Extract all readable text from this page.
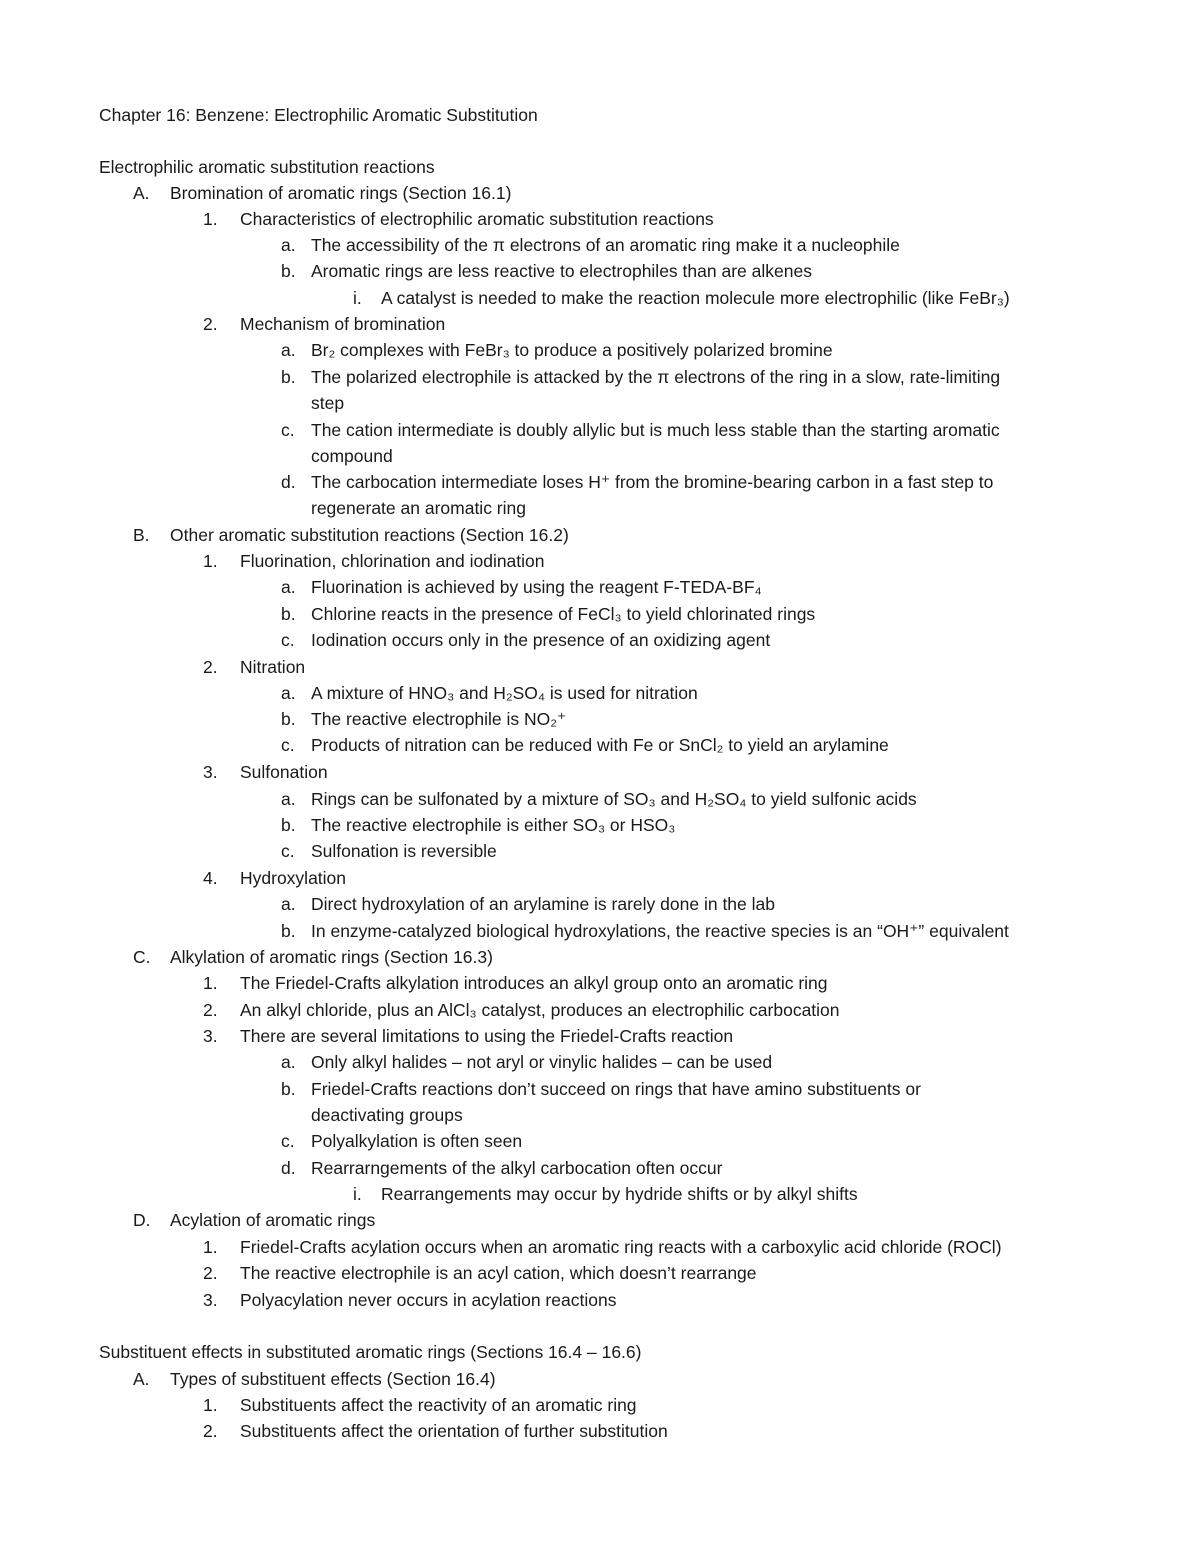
Chapter 16: Benzene: Electrophilic Aromatic Substitution
Electrophilic aromatic substitution reactions
A. Bromination of aromatic rings (Section 16.1)
1. Characteristics of electrophilic aromatic substitution reactions
a. The accessibility of the π electrons of an aromatic ring make it a nucleophile
b. Aromatic rings are less reactive to electrophiles than are alkenes
i. A catalyst is needed to make the reaction molecule more electrophilic (like FeBr₃)
2. Mechanism of bromination
a. Br₂ complexes with FeBr₃ to produce a positively polarized bromine
b. The polarized electrophile is attacked by the π electrons of the ring in a slow, rate-limiting
step
c. The cation intermediate is doubly allylic but is much less stable than the starting aromatic
compound
d. The carbocation intermediate loses H⁺ from the bromine-bearing carbon in a fast step to
regenerate an aromatic ring
B. Other aromatic substitution reactions (Section 16.2)
1. Fluorination, chlorination and iodination
a. Fluorination is achieved by using the reagent F-TEDA-BF₄
b. Chlorine reacts in the presence of FeCl₃ to yield chlorinated rings
c. Iodination occurs only in the presence of an oxidizing agent
2. Nitration
a. A mixture of HNO₃ and H₂SO₄ is used for nitration
b. The reactive electrophile is NO₂⁺
c. Products of nitration can be reduced with Fe or SnCl₂ to yield an arylamine
3. Sulfonation
a. Rings can be sulfonated by a mixture of SO₃ and H₂SO₄ to yield sulfonic acids
b. The reactive electrophile is either SO₃ or HSO₃
c. Sulfonation is reversible
4. Hydroxylation
a. Direct hydroxylation of an arylamine is rarely done in the lab
b. In enzyme-catalyzed biological hydroxylations, the reactive species is an “OH⁺” equivalent
C. Alkylation of aromatic rings (Section 16.3)
1. The Friedel-Crafts alkylation introduces an alkyl group onto an aromatic ring
2. An alkyl chloride, plus an AlCl₃ catalyst, produces an electrophilic carbocation
3. There are several limitations to using the Friedel-Crafts reaction
a. Only alkyl halides – not aryl or vinylic halides – can be used
b. Friedel-Crafts reactions don’t succeed on rings that have amino substituents or
deactivating groups
c. Polyalkylation is often seen
d. Rearrarngements of the alkyl carbocation often occur
i. Rearrangements may occur by hydride shifts or by alkyl shifts
D. Acylation of aromatic rings
1. Friedel-Crafts acylation occurs when an aromatic ring reacts with a carboxylic acid chloride (ROCl)
2. The reactive electrophile is an acyl cation, which doesn’t rearrange
3. Polyacylation never occurs in acylation reactions
Substituent effects in substituted aromatic rings (Sections 16.4 – 16.6)
A. Types of substituent effects (Section 16.4)
1. Substituents affect the reactivity of an aromatic ring
2. Substituents affect the orientation of further substitution
